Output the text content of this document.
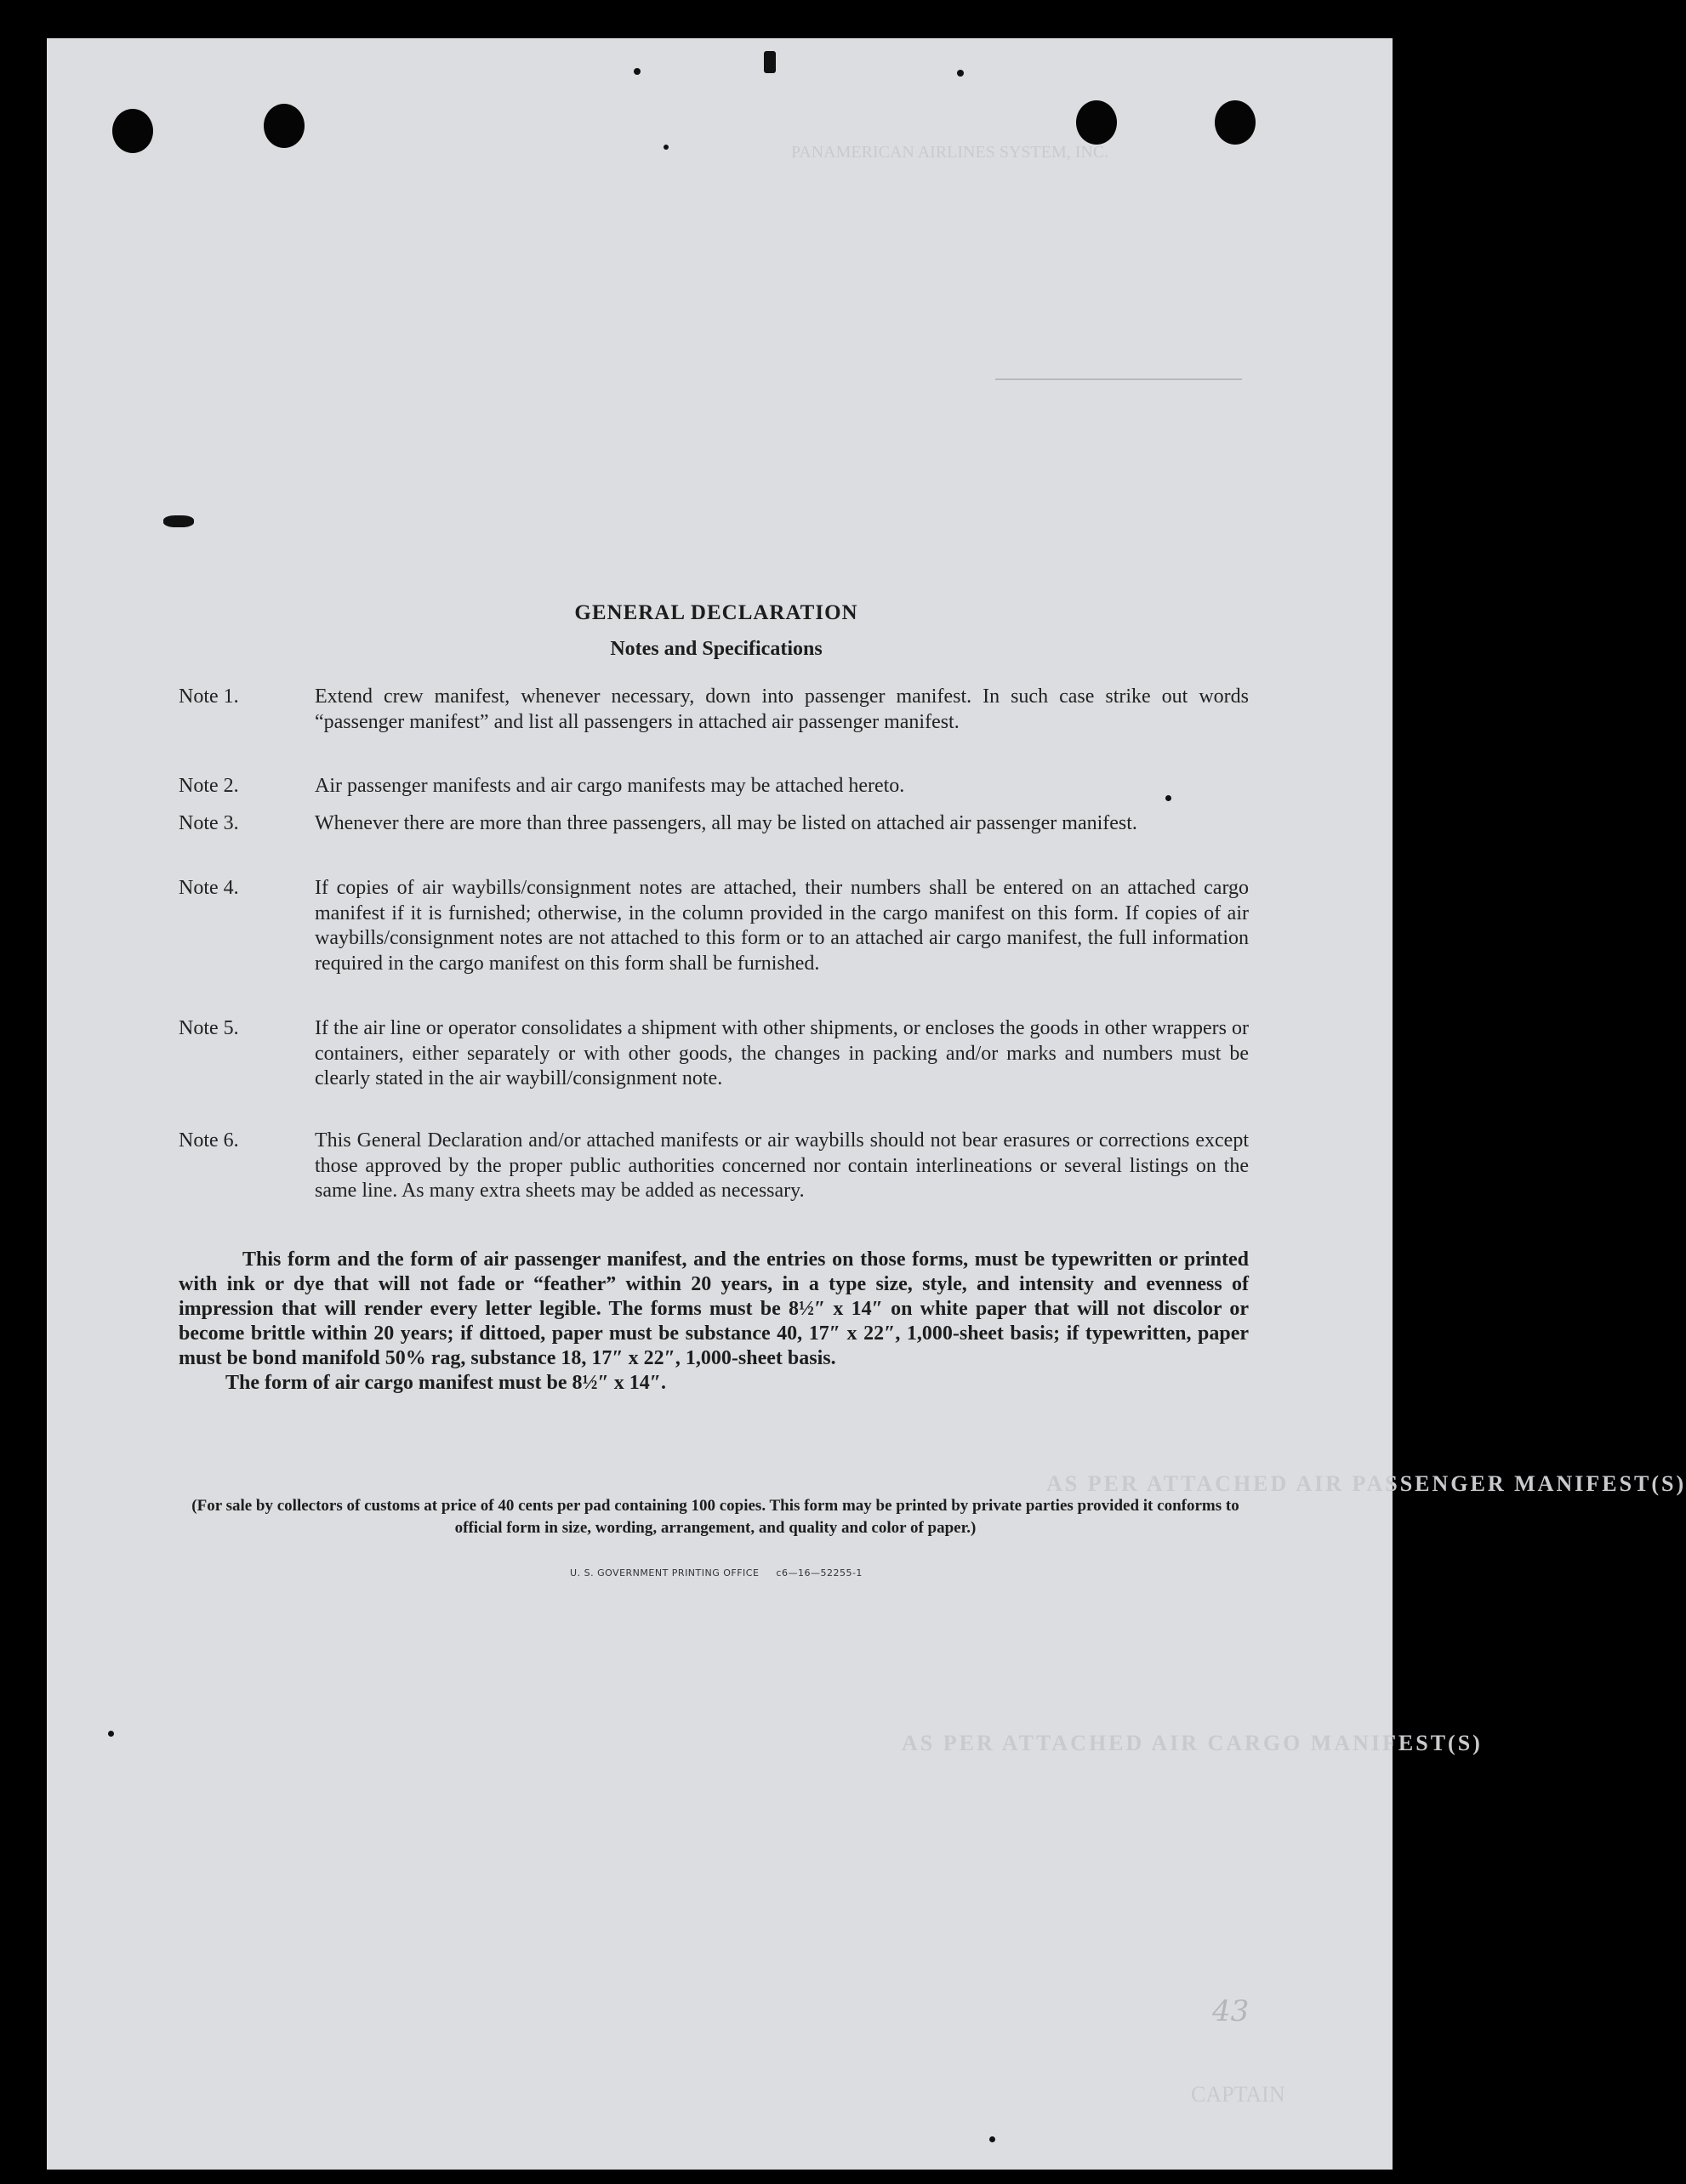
PANAMERICAN AIRLINES SYSTEM, INC.
AS PER ATTACHED AIR PASSENGER MANIFEST(S)
AS PER ATTACHED AIR CARGO MANIFEST(S)
CAPTAIN
43
GENERAL DECLARATION
Notes and Specifications
Note 1.	Extend crew manifest, whenever necessary, down into passenger manifest. In such case strike out words “passenger manifest” and list all passengers in attached air passenger manifest.
Note 2.	Air passenger manifests and air cargo manifests may be attached hereto.
Note 3.	Whenever there are more than three passengers, all may be listed on attached air passenger manifest.
Note 4.	If copies of air waybills/consignment notes are attached, their numbers shall be entered on an attached cargo manifest if it is furnished; otherwise, in the column provided in the cargo manifest on this form. If copies of air waybills/consignment notes are not attached to this form or to an attached air cargo manifest, the full information required in the cargo manifest on this form shall be furnished.
Note 5.	If the air line or operator consolidates a shipment with other shipments, or encloses the goods in other wrappers or containers, either separately or with other goods, the changes in packing and/or marks and numbers must be clearly stated in the air waybill/consignment note.
Note 6.	This General Declaration and/or attached manifests or air waybills should not bear erasures or corrections except those approved by the proper public authorities concerned nor contain interlineations or several listings on the same line. As many extra sheets may be added as necessary.

This form and the form of air passenger manifest, and the entries on those forms, must be typewritten or printed with ink or dye that will not fade or “feather” within 20 years, in a type size, style, and intensity and evenness of impression that will render every letter legible. The forms must be 8½″ x 14″ on white paper that will not discolor or become brittle within 20 years; if dittoed, paper must be substance 40, 17″ x 22″, 1,000-sheet basis; if typewritten, paper must be bond manifold 50% rag, substance 18, 17″ x 22″, 1,000-sheet basis.

The form of air cargo manifest must be 8½″ x 14″.

(For sale by collectors of customs at price of 40 cents per pad containing 100 copies. This form may be printed by private parties provided it conforms to official form in size, wording, arrangement, and quality and color of paper.)
U. S. GOVERNMENT PRINTING OFFICE c6—16—52255-1
